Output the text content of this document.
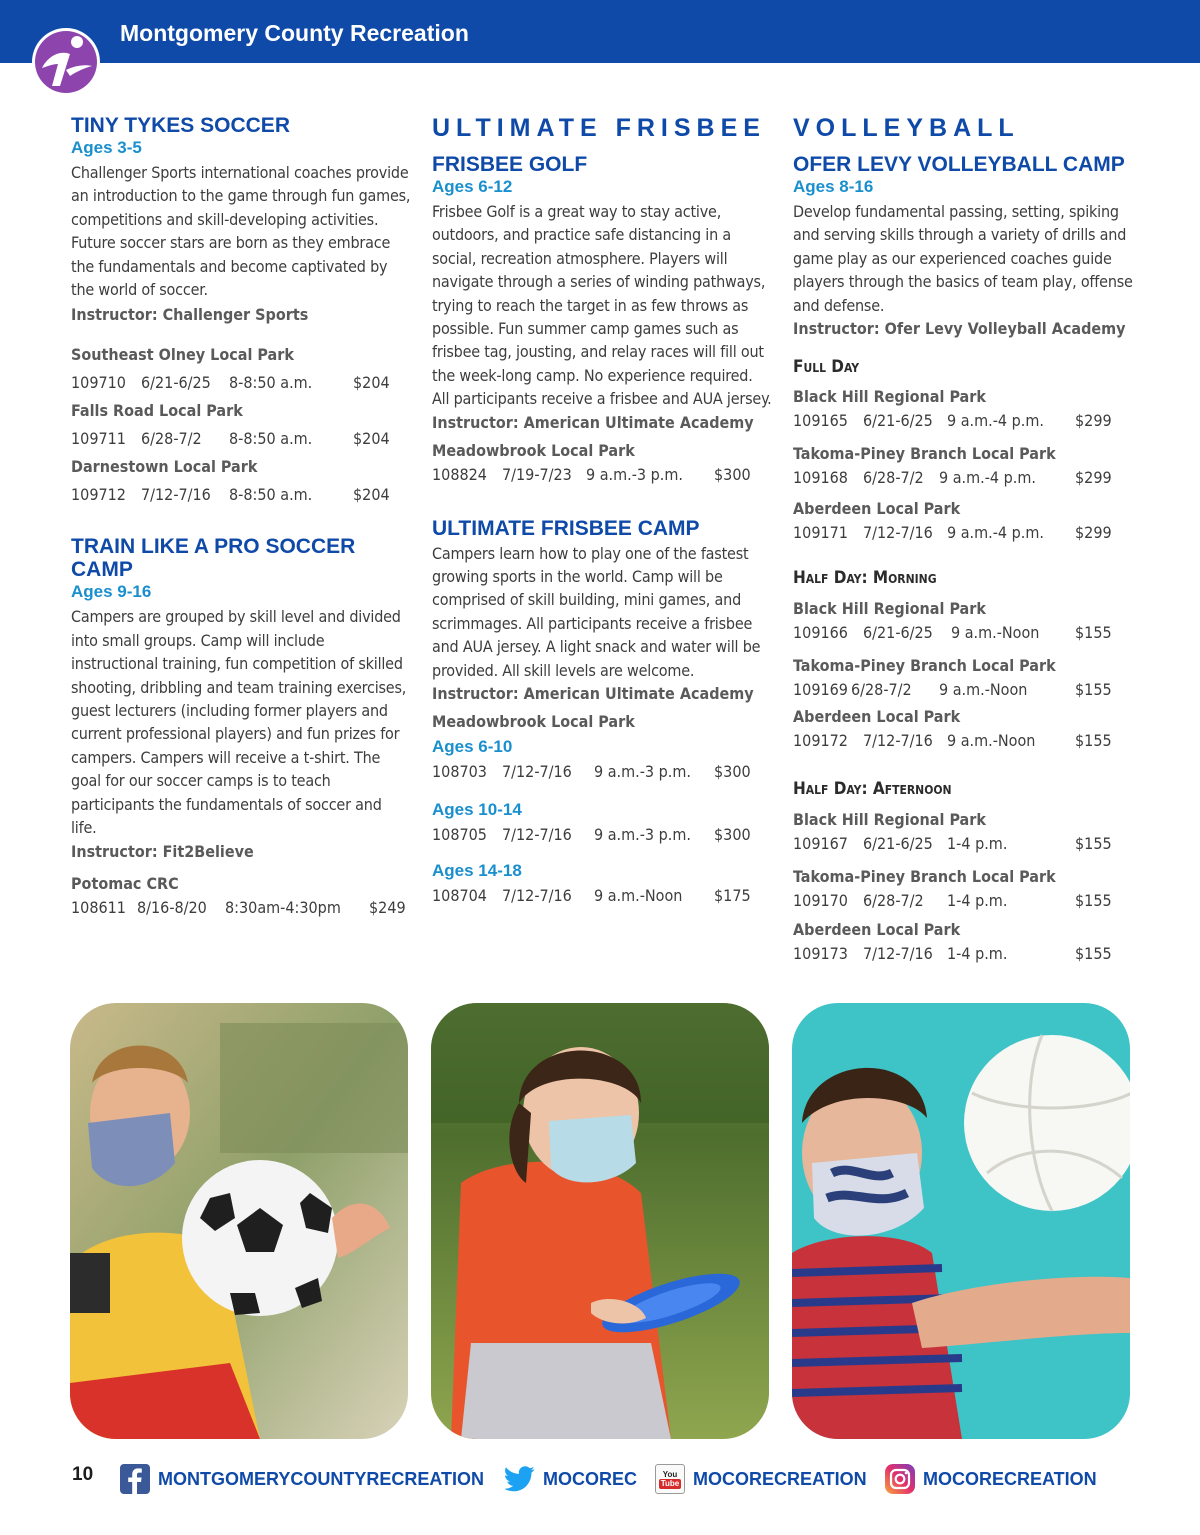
Montgomery County Recreation
TINY TYKES SOCCER
Ages 3-5
Challenger Sports international coaches provide an introduction to the game through fun games, competitions and skill-developing activities. Future soccer stars are born as they embrace the fundamentals and become captivated by the world of soccer.
Instructor: Challenger Sports
Southeast Olney Local Park
109710 6/21-6/25 8-8:50 a.m.	$204
Falls Road Local Park
109711 6/28-7/2 8-8:50 a.m.	$204
Darnestown Local Park
109712 7/12-7/16 8-8:50 a.m.	$204
TRAIN LIKE A PRO SOCCER
CAMP
Ages 9-16
Campers are grouped by skill level and divided into small groups. Camp will include instructional training, fun competition of skilled shooting, dribbling and team training exercises, guest lecturers (including former players and current professional players) and fun prizes for campers. Campers will receive a t-shirt. The goal for our soccer camps is to teach participants the fundamentals of soccer and life.
Instructor: Fit2Believe
Potomac CRC
108611 8/16-8/20 8:30am-4:30pm $249
ULTIMATE FRISBEE
FRISBEE GOLF
Ages 6-12
Frisbee Golf is a great way to stay active, outdoors, and practice safe distancing in a social, recreation atmosphere. Players will navigate through a series of winding pathways, trying to reach the target in as few throws as possible. Fun summer camp games such as frisbee tag, jousting, and relay races will fill out the week-long camp. No experience required. All participants receive a frisbee and AUA jersey.
Instructor: American Ultimate Academy
Meadowbrook Local Park
108824 7/19-7/23 9 a.m.-3 p.m. $300
ULTIMATE FRISBEE CAMP
Campers learn how to play one of the fastest growing sports in the world. Camp will be comprised of skill building, mini games, and scrimmages. All participants receive a frisbee and AUA jersey. A light snack and water will be provided. All skill levels are welcome.
Instructor: American Ultimate Academy
Meadowbrook Local Park
Ages 6-10
108703 7/12-7/16 9 a.m.-3 p.m. $300
Ages 10-14
108705 7/12-7/16 9 a.m.-3 p.m. $300
Ages 14-18
108704 7/12-7/16 9 a.m.-Noon $175
VOLLEYBALL
OFER LEVY VOLLEYBALL CAMP
Ages 8-16
Develop fundamental passing, setting, spiking and serving skills through a variety of drills and game play as our experienced coaches guide players through the basics of team play, offense and defense.
Instructor: Ofer Levy Volleyball Academy
Full Day
Black Hill Regional Park
109165 6/21-6/25 9 a.m.-4 p.m. $299
Takoma-Piney Branch Local Park
109168 6/28-7/2 9 a.m.-4 p.m. $299
Aberdeen Local Park
109171 7/12-7/16 9 a.m.-4 p.m. $299
Half Day: Morning
Black Hill Regional Park
109166 6/21-6/25 9 a.m.-Noon $155
Takoma-Piney Branch Local Park
109169 6/28-7/2 9 a.m.-Noon	$155
Aberdeen Local Park
109172 7/12-7/16 9 a.m.-Noon $155
Half Day: Afternoon
Black Hill Regional Park
109167 6/21-6/25 1-4 p.m.	$155
Takoma-Piney Branch Local Park
109170 6/28-7/2 1-4 p.m.	$155
Aberdeen Local Park
109173 7/12-7/16 1-4 p.m.	$155
10	MONTGOMERYCOUNTYRECREATION	MOCOREC	You
Tube MOCORECREATION	MOCORECREATION
